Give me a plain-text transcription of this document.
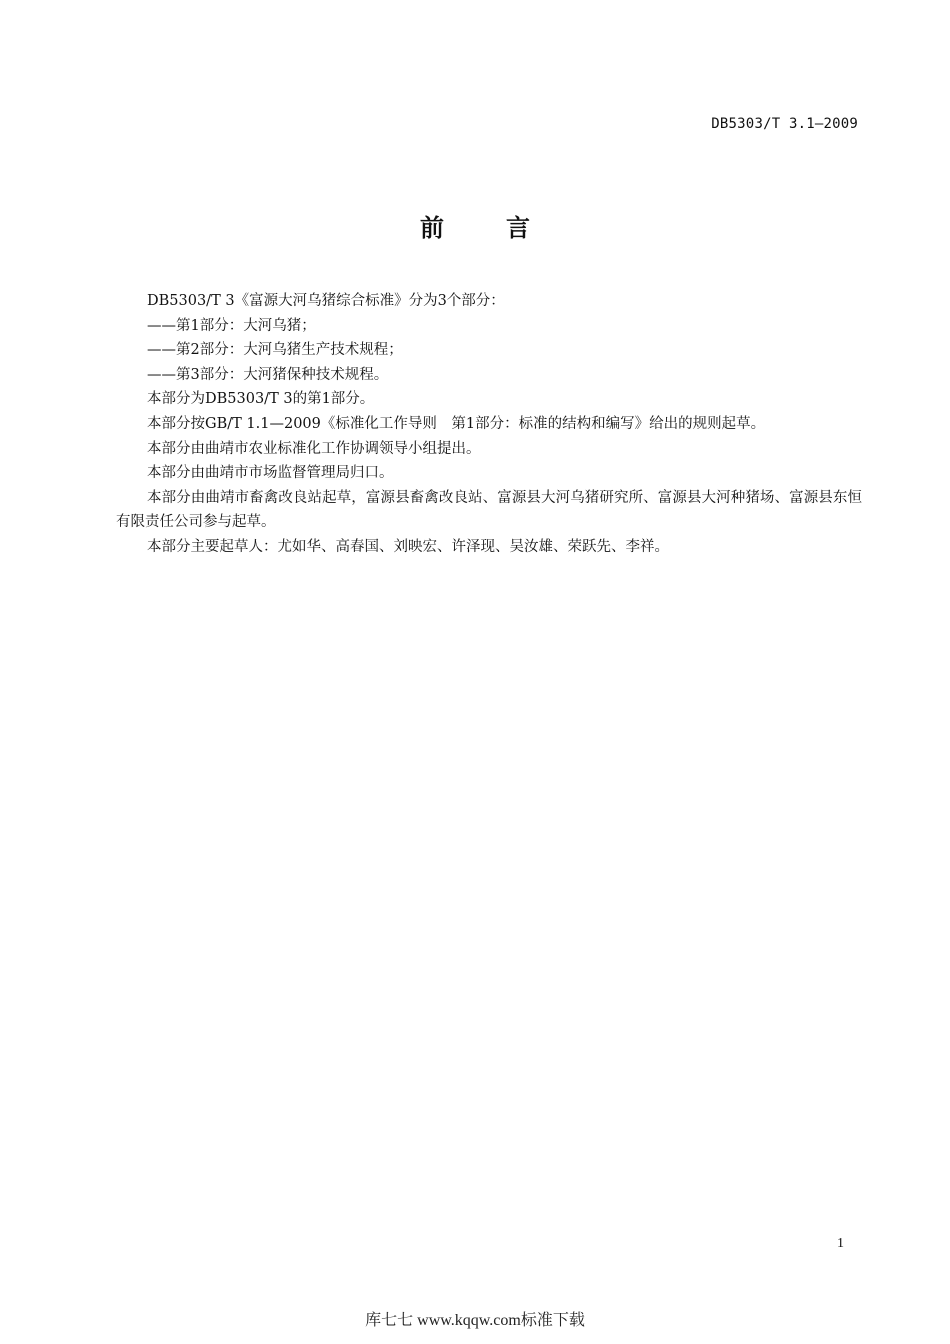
DB5303/T 3.1—2009
前	言

DB5303/T 3《富源大河乌猪综合标准》分为3个部分：

——第1部分：大河乌猪；

——第2部分：大河乌猪生产技术规程；

——第3部分：大河猪保种技术规程。

本部分为DB5303/T 3的第1部分。

本部分按GB/T 1.1—2009《标准化工作导则　第1部分：标准的结构和编写》给出的规则起草。

本部分由曲靖市农业标准化工作协调领导小组提出。

本部分由曲靖市市场监督管理局归口。

本部分由曲靖市畜禽改良站起草，富源县畜禽改良站、富源县大河乌猪研究所、富源县大河种猪场、富源县东恒有限责任公司参与起草。

本部分主要起草人：尤如华、高春国、刘映宏、许泽现、吴汝雄、荣跃先、李祥。

1
库七七 www.kqqw.com标准下载
